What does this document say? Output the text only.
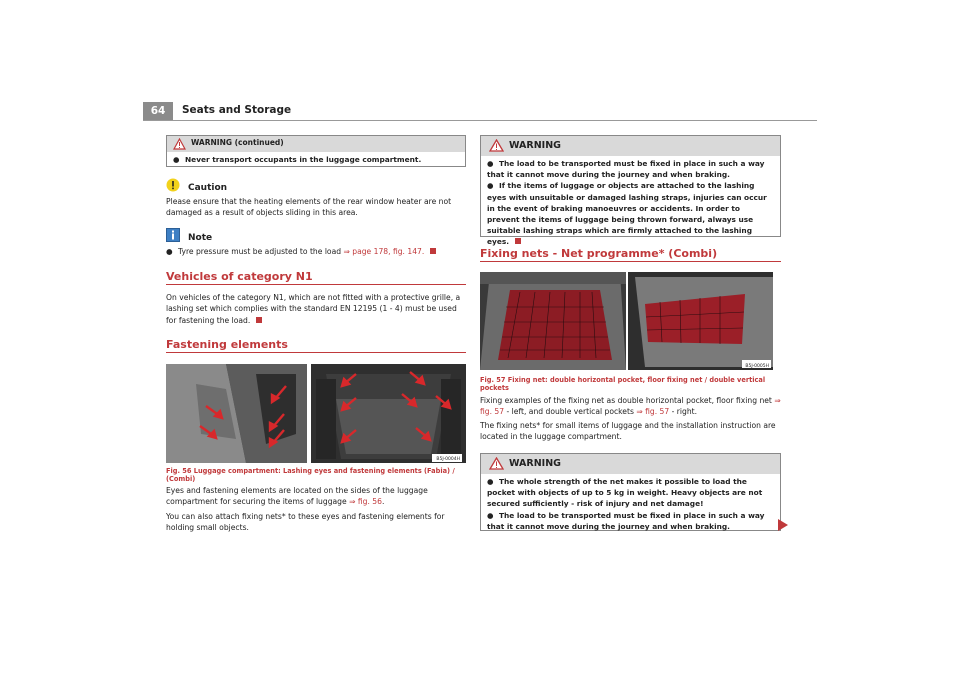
64	Seats and Storage
WARNING (continued)
● Never transport occupants in the luggage compartment.
Caution
Please ensure that the heating elements of the rear window heater are not damaged as a result of objects sliding in this area.
Note
● Tyre pressure must be adjusted to the load ⇒ page 178, fig. 147.
Vehicles of category N1
On vehicles of the category N1, which are not fitted with a protective grille, a lashing set which complies with the standard EN 12195 (1 - 4) must be used for fastening the load.
Fastening elements
B5J-0004H
Fig. 56 Luggage compartment: Lashing eyes and fastening elements (Fabia) / (Combi)
Eyes and fastening elements are located on the sides of the luggage compartment for securing the items of luggage ⇒ fig. 56.
You can also attach fixing nets* to these eyes and fastening elements for holding small objects.
WARNING
● The load to be transported must be fixed in place in such a way that it cannot move during the journey and when braking.
● If the items of luggage or objects are attached to the lashing eyes with unsuitable or damaged lashing straps, injuries can occur in the event of braking manoeuvres or accidents. In order to prevent the items of luggage being thrown forward, always use suitable lashing straps which are firmly attached to the lashing eyes.
Fixing nets - Net programme* (Combi)
B5J-0005H
Fig. 57 Fixing net: double horizontal pocket, floor fixing net / double vertical pockets
Fixing examples of the fixing net as double horizontal pocket, floor fixing net ⇒ fig. 57 - left, and double vertical pockets ⇒ fig. 57 - right.
The fixing nets* for small items of luggage and the installation instruction are located in the luggage compartment.
WARNING
● The whole strength of the net makes it possible to load the pocket with objects of up to 5 kg in weight. Heavy objects are not secured sufficiently - risk of injury and net damage!
● The load to be transported must be fixed in place in such a way that it cannot move during the journey and when braking.
